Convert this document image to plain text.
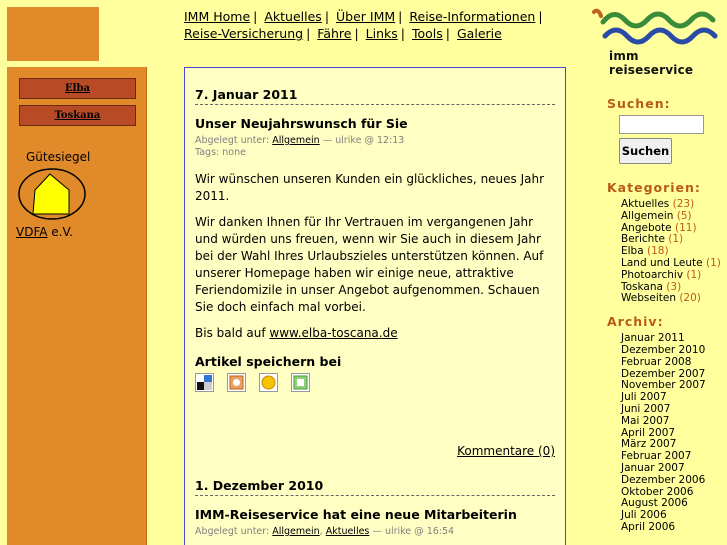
Elba
Toskana
Gütesiegel
VDFA e.V.
IMM Home | Aktuelles | Über IMM | Reise-Informationen |
Reise-Versicherung | Fähre | Links | Tools | Galerie
imm reiseservice
7. Januar 2011
Unser Neujahrswunsch für Sie
Abgelegt unter: Allgemein — ulrike @ 12:13
Tags: none

Wir wünschen unseren Kunden ein glückliches, neues Jahr 2011.

Wir danken Ihnen für Ihr Vertrauen im vergangenen Jahr und würden uns freuen, wenn wir Sie auch in diesem Jahr bei der Wahl Ihres Urlaubszieles unterstützen können. Auf unserer Homepage haben wir einige neue, attraktive Feriendomizile in unser Angebot aufgenommen. Schauen Sie doch einfach mal vorbei.

Bis bald auf www.elba-toscana.de

Artikel speichern bei
Kommentare (0)
1. Dezember 2010
IMM-Reiseservice hat eine neue Mitarbeiterin
Abgelegt unter: Allgemein, Aktuelles — ulrike @ 16:54
Suchen:
Suchen
Kategorien:
Aktuelles (23)
Allgemein (5)
Angebote (11)
Berichte (1)
Elba (18)
Land und Leute (1)
Photoarchiv (1)
Toskana (3)
Webseiten (20)
Archiv:
Januar 2011
Dezember 2010
Februar 2008
Dezember 2007
November 2007
Juli 2007
Juni 2007
Mai 2007
April 2007
März 2007
Februar 2007
Januar 2007
Dezember 2006
Oktober 2006
August 2006
Juli 2006
April 2006
